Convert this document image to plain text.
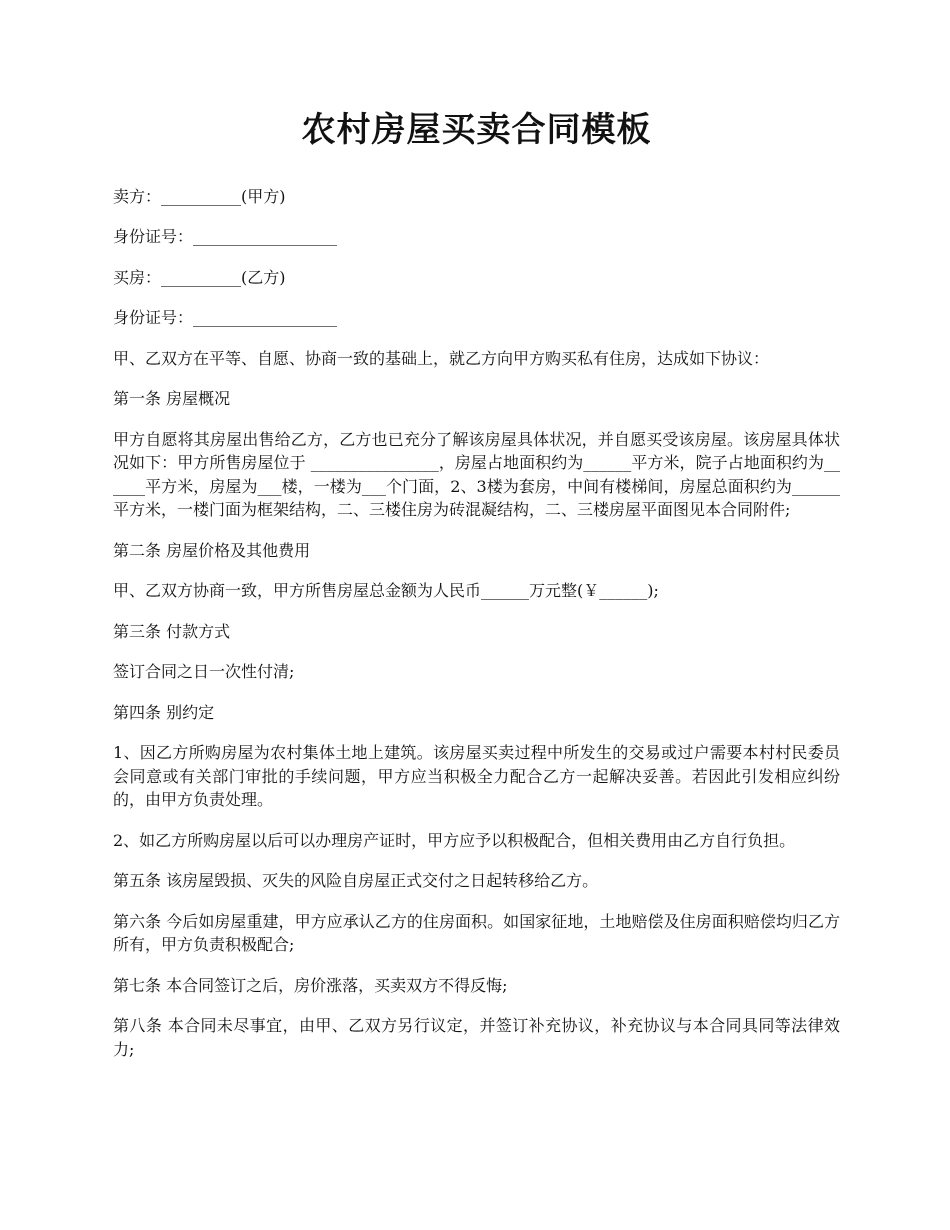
农村房屋买卖合同模板

卖方：__________(甲方)

身份证号：__________________

买房：__________(乙方)

身份证号：__________________

甲、乙双方在平等、自愿、协商一致的基础上，就乙方向甲方购买私有住房，达成如下协议：

第一条 房屋概况

甲方自愿将其房屋出售给乙方，乙方也已充分了解该房屋具体状况，并自愿买受该房屋。该房屋具体状况如下：甲方所售房屋位于 ________________，房屋占地面积约为______平方米，院子占地面积约为______平方米，房屋为___楼，一楼为___个门面，2、3楼为套房，中间有楼梯间，房屋总面积约为______平方米，一楼门面为框架结构，二、三楼住房为砖混凝结构，二、三楼房屋平面图见本合同附件;

第二条 房屋价格及其他费用

甲、乙双方协商一致，甲方所售房屋总金额为人民币______万元整(￥______);

第三条 付款方式

签订合同之日一次性付清;

第四条 别约定

1、因乙方所购房屋为农村集体土地上建筑。该房屋买卖过程中所发生的交易或过户需要本村村民委员会同意或有关部门审批的手续问题，甲方应当积极全力配合乙方一起解决妥善。若因此引发相应纠纷的，由甲方负责处理。

2、如乙方所购房屋以后可以办理房产证时，甲方应予以积极配合，但相关费用由乙方自行负担。

第五条 该房屋毁损、灭失的风险自房屋正式交付之日起转移给乙方。

第六条 今后如房屋重建，甲方应承认乙方的住房面积。如国家征地，土地赔偿及住房面积赔偿均归乙方所有，甲方负责积极配合;

第七条 本合同签订之后，房价涨落，买卖双方不得反悔;

第八条 本合同未尽事宜，由甲、乙双方另行议定，并签订补充协议，补充协议与本合同具同等法律效力;
